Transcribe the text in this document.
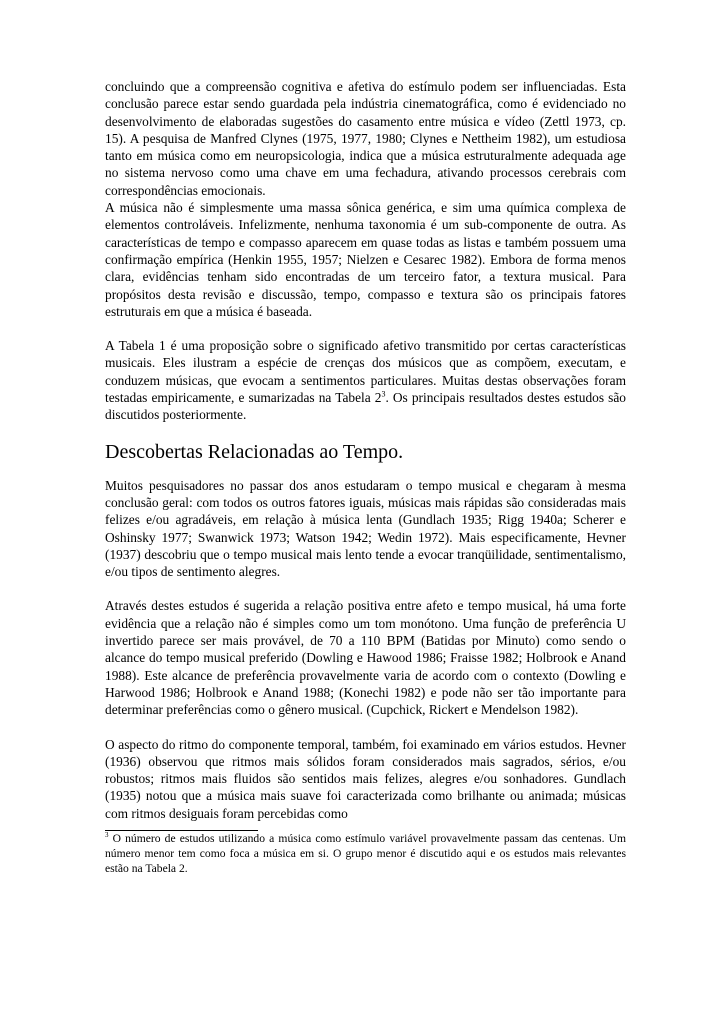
concluindo que a compreensão cognitiva e afetiva do estímulo podem ser influenciadas. Esta conclusão parece estar sendo guardada pela indústria cinematográfica, como é evidenciado no desenvolvimento de elaboradas sugestões do casamento entre música e vídeo (Zettl 1973, cp. 15). A pesquisa de Manfred Clynes (1975, 1977, 1980; Clynes e Nettheim 1982), um estudiosa tanto em música como em neuropsicologia, indica que a música estruturalmente adequada age no sistema nervoso como uma chave em uma fechadura, ativando processos cerebrais com correspondências emocionais.

A música não é simplesmente uma massa sônica genérica, e sim uma química complexa de elementos controláveis. Infelizmente, nenhuma taxonomia é um sub-componente de outra. As características de tempo e compasso aparecem em quase todas as listas e também possuem uma confirmação empírica (Henkin 1955, 1957; Nielzen e Cesarec 1982). Embora de forma menos clara, evidências tenham sido encontradas de um terceiro fator, a textura musical. Para propósitos desta revisão e discussão, tempo, compasso e textura são os principais fatores estruturais em que a música é baseada.

A Tabela 1 é uma proposição sobre o significado afetivo transmitido por certas características musicais. Eles ilustram a espécie de crenças dos músicos que as compõem, executam, e conduzem músicas, que evocam a sentimentos particulares. Muitas destas observações foram testadas empiricamente, e sumarizadas na Tabela $2^3$. Os principais resultados destes estudos são discutidos posteriormente.

Descobertas Relacionadas ao Tempo.

Muitos pesquisadores no passar dos anos estudaram o tempo musical e chegaram à mesma conclusão geral: com todos os outros fatores iguais, músicas mais rápidas são consideradas mais felizes e/ou agradáveis, em relação à música lenta (Gundlach 1935; Rigg 1940a; Scherer e Oshinsky 1977; Swanwick 1973; Watson 1942; Wedin 1972). Mais especificamente, Hevner (1937) descobriu que o tempo musical mais lento tende a evocar tranqüilidade, sentimentalismo, e/ou tipos de sentimento alegres.

Através destes estudos é sugerida a relação positiva entre afeto e tempo musical, há uma forte evidência que a relação não é simples como um tom monótono. Uma função de preferência U invertido parece ser mais provável, de 70 a 110 BPM (Batidas por Minuto) como sendo o alcance do tempo musical preferido (Dowling e Hawood 1986; Fraisse 1982; Holbrook e Anand 1988). Este alcance de preferência provavelmente varia de acordo com o contexto (Dowling e Harwood 1986; Holbrook e Anand 1988; (Konechi 1982) e pode não ser tão importante para determinar preferências como o gênero musical. (Cupchick, Rickert e Mendelson 1982).

O aspecto do ritmo do componente temporal, também, foi examinado em vários estudos. Hevner (1936) observou que ritmos mais sólidos foram considerados mais sagrados, sérios, e/ou robustos; ritmos mais fluidos são sentidos mais felizes, alegres e/ou sonhadores. Gundlach (1935) notou que a música mais suave foi caracterizada como brilhante ou animada; músicas com ritmos desiguais foram percebidas como

$^3$ O número de estudos utilizando a música como estímulo variável provavelmente passam das centenas. Um número menor tem como foca a música em si. O grupo menor é discutido aqui e os estudos mais relevantes estão na Tabela 2.
